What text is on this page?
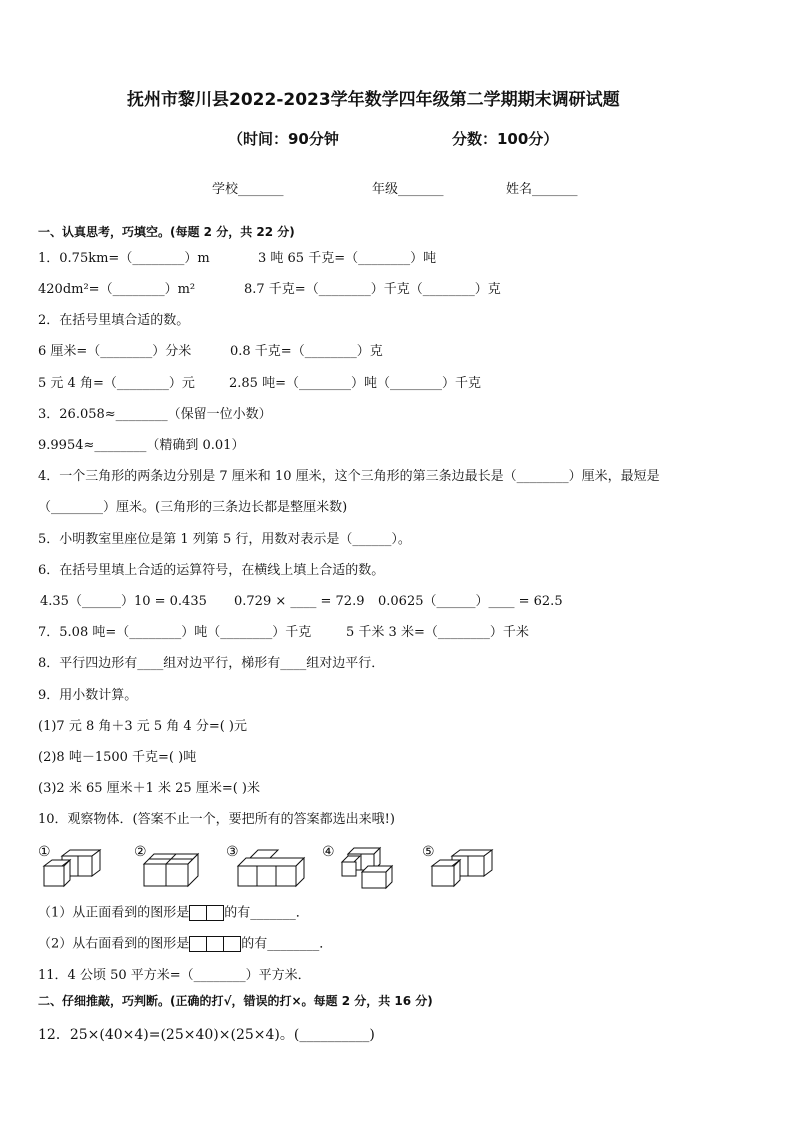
抚州市黎川县2022-2023学年数学四年级第二学期期末调研试题
（时间：90分钟	分数：100分）
学校_______	年级_______	姓名_______
一、认真思考，巧填空。(每题 2 分，共 22 分)
1．0.75km=（________）m	3 吨 65 千克=（________）吨
420dm²=（________）m²	8.7 千克=（________）千克（________）克
2．在括号里填合适的数。
6 厘米=（________）分米	0.8 千克=（________）克
5 元 4 角=（________）元	2.85 吨=（________）吨（________）千克
3．26.058≈________（保留一位小数）
9.9954≈________（精确到 0.01）
4．一个三角形的两条边分别是 7 厘米和 10 厘米，这个三角形的第三条边最长是（________）厘米，最短是
（________）厘米。(三角形的三条边长都是整厘米数)
5．小明教室里座位是第 1 列第 5 行，用数对表示是（______）。
6．在括号里填上合适的运算符号，在横线上填上合适的数。
4.35（______）10 = 0.435 0.729 × ____ = 72.9 0.0625（______）____ = 62.5
7．5.08 吨=（________）吨（________）千克	5 千米 3 米=（________）千米
8．平行四边形有____组对边平行，梯形有____组对边平行．
9．用小数计算。
(1)7 元 8 角＋3 元 5 角 4 分=( )元
(2)8 吨－1500 千克=( )吨
(3)2 米 65 厘米＋1 米 25 厘米=( )米
10．观察物体．(答案不止一个，要把所有的答案都选出来哦!)
①	②	③	④	⑤
（1）从正面看到的图形是	的有_______．
（2）从右面看到的图形是	的有________．
11．4 公顷 50 平方米=（________）平方米．
二、仔细推敲，巧判断。(正确的打√，错误的打×。每题 2 分，共 16 分)
12．25×(40×4)=(25×40)×(25×4)。(__________)
